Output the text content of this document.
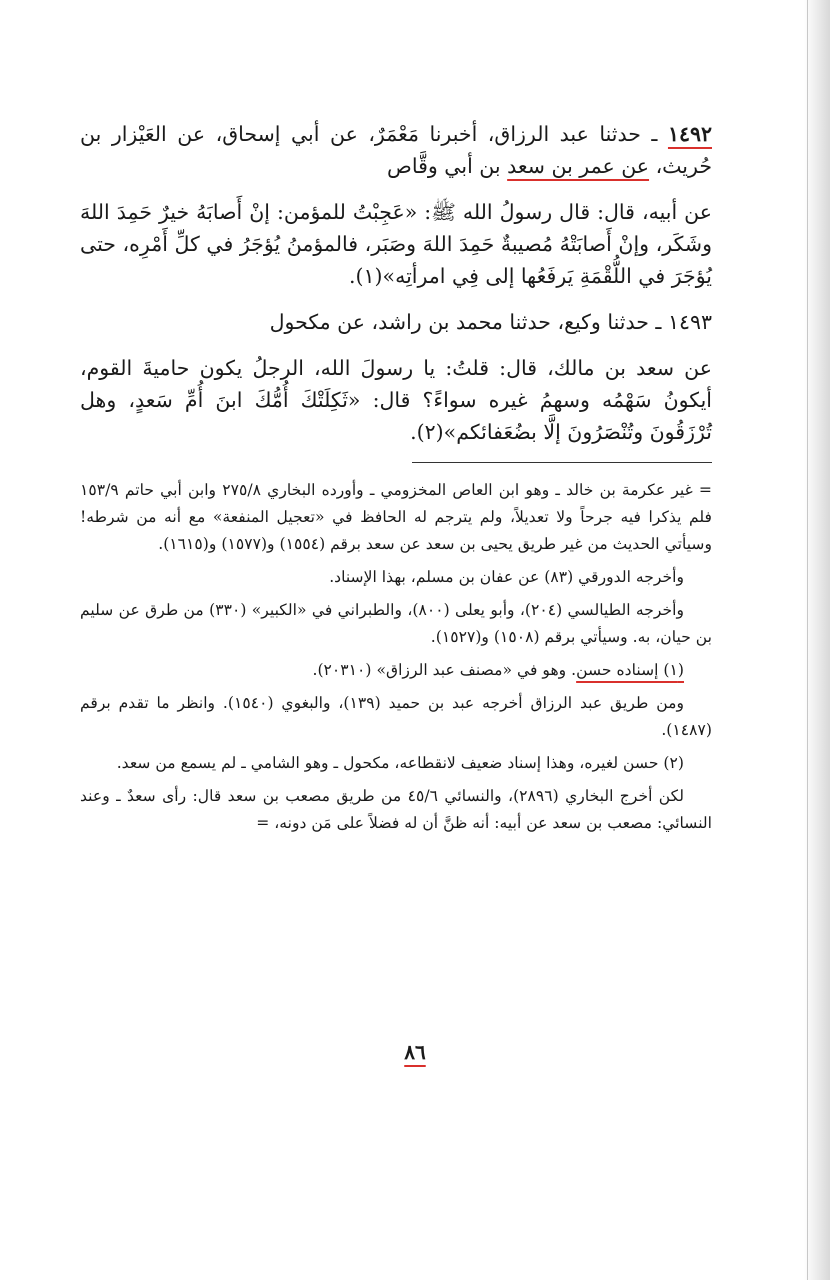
١٤٩٢ ـ حدثنا عبد الرزاق، أخبرنا مَعْمَرٌ، عن أبي إسحاق، عن العَيْزار بن حُريث، عن عمر بن سعد بن أبي وقَّاص

عن أبيه، قال: قال رسولُ الله ﷺ: «عَجِبْتُ للمؤمن: إنْ أَصابَهُ خيرٌ حَمِدَ اللهَ وشَكَر، وإنْ أَصابَتْهُ مُصيبةٌ حَمِدَ اللهَ وصَبَر، فالمؤمنُ يُؤجَرُ في كلِّ أَمْرِه، حتى يُؤجَرَ في اللُّقْمَةِ يَرفَعُها إلى فِي امرأتِه»(١).

١٤٩٣ ـ حدثنا وكيع، حدثنا محمد بن راشد، عن مكحول

عن سعد بن مالك، قال: قلتُ: يا رسولَ الله، الرجلُ يكون حاميةَ القوم، أيكونُ سَهْمُه وسهمُ غيره سواءً؟ قال: «ثَكِلَتْكَ أُمُّكَ ابنَ أُمِّ سَعدٍ، وهل تُرْزَقُونَ وتُنْصَرُونَ إلَّا بضُعَفائكم»(٢).

= غير عكرمة بن خالد ـ وهو ابن العاص المخزومي ـ وأورده البخاري ٢٧٥/٨ وابن أبي حاتم ١٥٣/٩ فلم يذكرا فيه جرحاً ولا تعديلاً، ولم يترجم له الحافظ في «تعجيل المنفعة» مع أنه من شرطه! وسيأتي الحديث من غير طريق يحيى بن سعد عن سعد برقم (١٥٥٤) و(١٥٧٧) و(١٦١٥).

وأخرجه الدورقي (٨٣) عن عفان بن مسلم، بهذا الإسناد.

وأخرجه الطيالسي (٢٠٤)، وأبو يعلى (٨٠٠)، والطبراني في «الكبير» (٣٣٠) من طرق عن سليم بن حيان، به. وسيأتي برقم (١٥٠٨) و(١٥٢٧).

(١) إسناده حسن. وهو في «مصنف عبد الرزاق» (٢٠٣١٠).

ومن طريق عبد الرزاق أخرجه عبد بن حميد (١٣٩)، والبغوي (١٥٤٠). وانظر ما تقدم برقم (١٤٨٧).

(٢) حسن لغيره، وهذا إسناد ضعيف لانقطاعه، مكحول ـ وهو الشامي ـ لم يسمع من سعد.

لكن أخرج البخاري (٢٨٩٦)، والنسائي ٤٥/٦ من طريق مصعب بن سعد قال: رأى سعدٌ ـ وعند النسائي: مصعب بن سعد عن أبيه: أنه ظنَّ أن له فضلاً على مَن دونه، =

٨٦
